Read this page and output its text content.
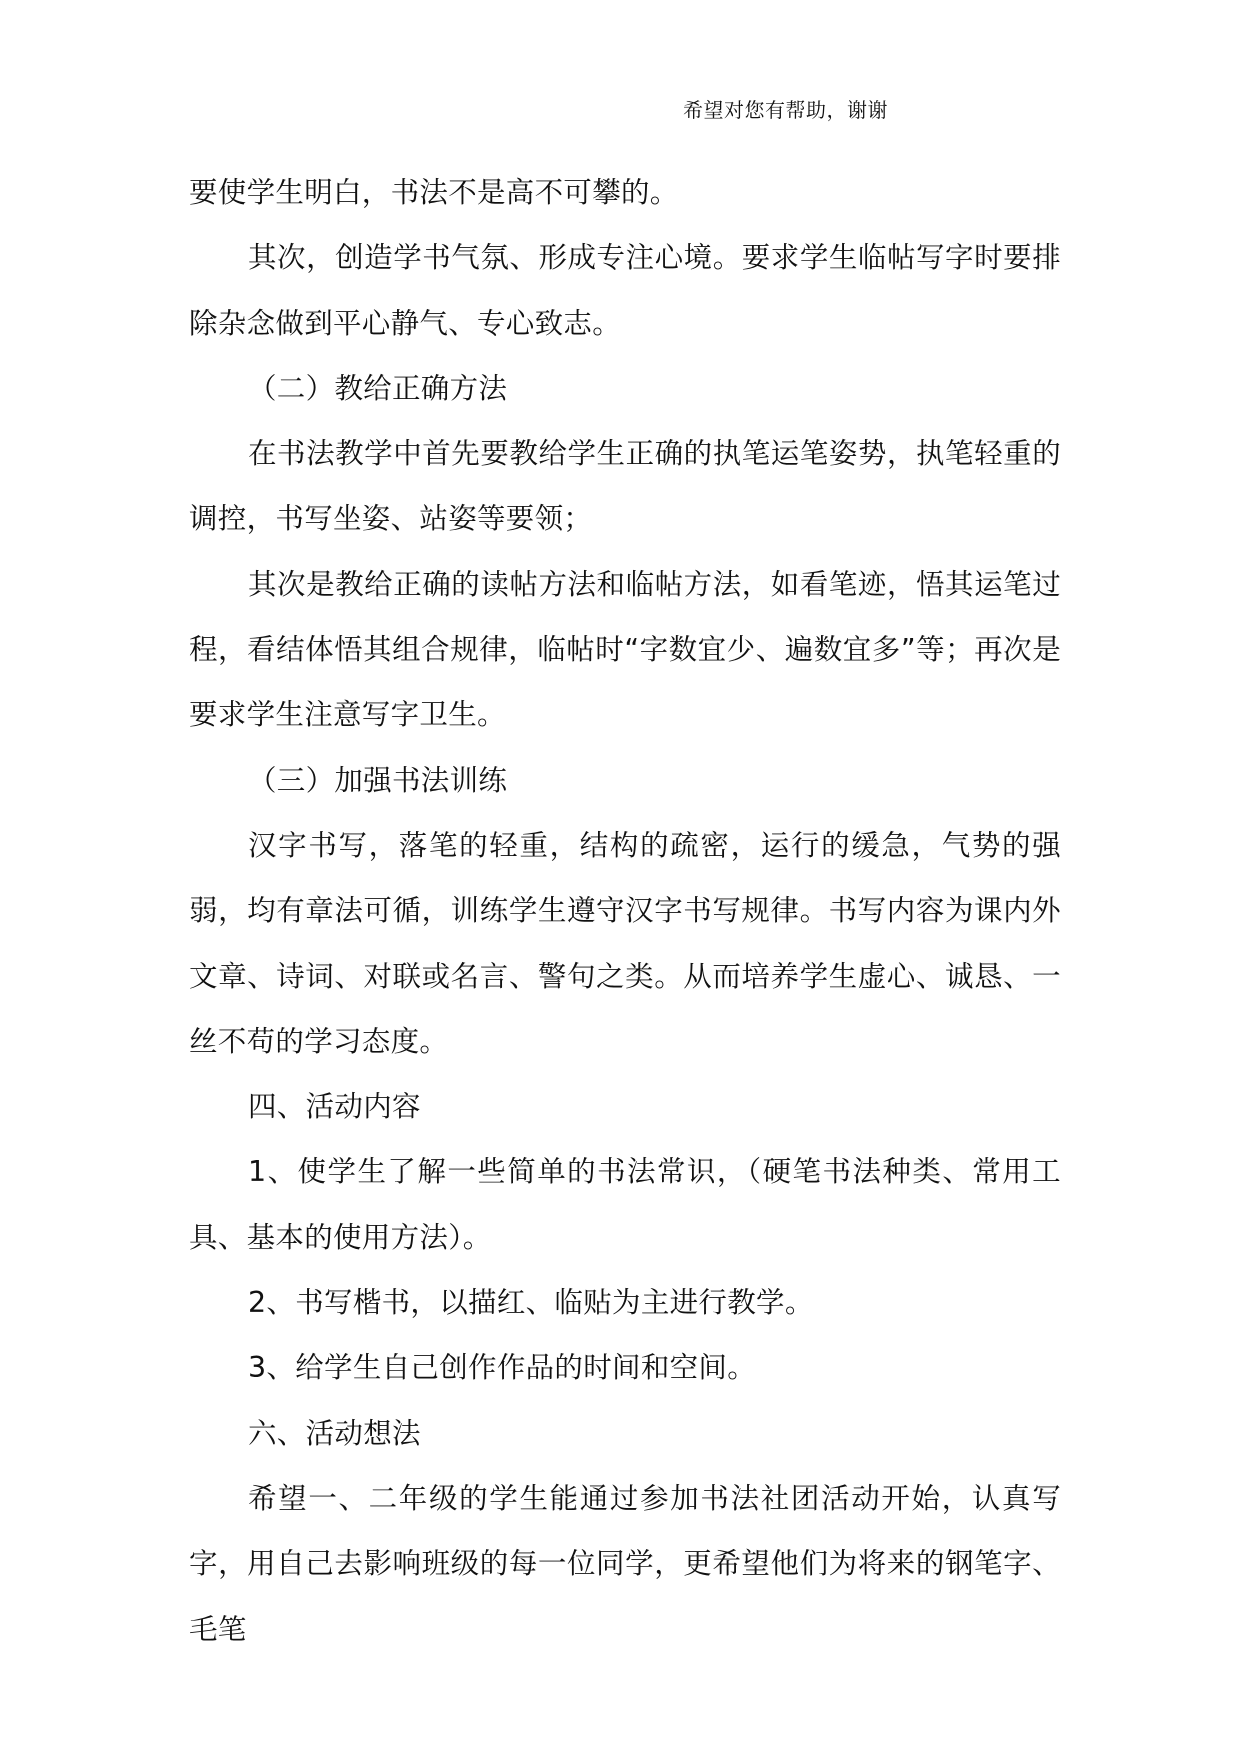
希望对您有帮助，谢谢

要使学生明白，书法不是高不可攀的。

其次，创造学书气氛、形成专注心境。要求学生临帖写字时要排除杂念做到平心静气、专心致志。

（二）教给正确方法

在书法教学中首先要教给学生正确的执笔运笔姿势，执笔轻重的调控，书写坐姿、站姿等要领；

其次是教给正确的读帖方法和临帖方法，如看笔迹，悟其运笔过程，看结体悟其组合规律，临帖时“字数宜少、遍数宜多”等；再次是要求学生注意写字卫生。

（三）加强书法训练

汉字书写，落笔的轻重，结构的疏密，运行的缓急，气势的强弱，均有章法可循，训练学生遵守汉字书写规律。书写内容为课内外文章、诗词、对联或名言、警句之类。从而培养学生虚心、诚恳、一丝不苟的学习态度。

四、活动内容

1、使学生了解一些简单的书法常识，（硬笔书法种类、常用工具、基本的使用方法）。

2、书写楷书，以描红、临贴为主进行教学。

3、给学生自己创作作品的时间和空间。

六、活动想法

希望一、二年级的学生能通过参加书法社团活动开始，认真写字，用自己去影响班级的每一位同学，更希望他们为将来的钢笔字、毛笔
